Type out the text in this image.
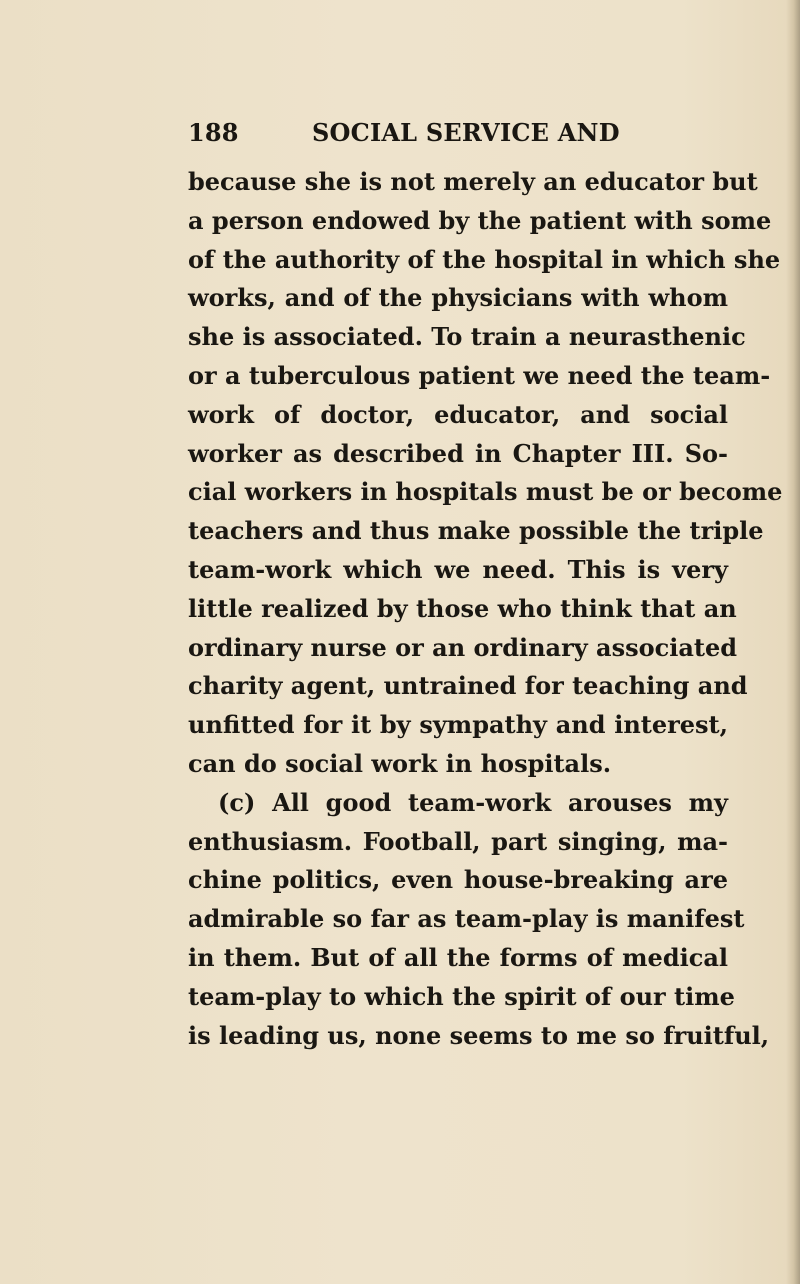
188	SOCIAL SERVICE AND
because she is not merely an educator but
a person endowed by the patient with some
of the authority of the hospital in which she
works, and of the physicians with whom
she is associated. To train a neurasthenic
or a tuberculous patient we need the team-
work of doctor, educator, and social
worker as described in Chapter III. So-
cial workers in hospitals must be or become
teachers and thus make possible the triple
team-work which we need. This is very
little realized by those who think that an
ordinary nurse or an ordinary associated
charity agent, untrained for teaching and
unfitted for it by sympathy and interest,
can do social work in hospitals.
(c) All good team-work arouses my
enthusiasm. Football, part singing, ma-
chine politics, even house-breaking are
admirable so far as team-play is manifest
in them. But of all the forms of medical
team-play to which the spirit of our time
is leading us, none seems to me so fruitful,
